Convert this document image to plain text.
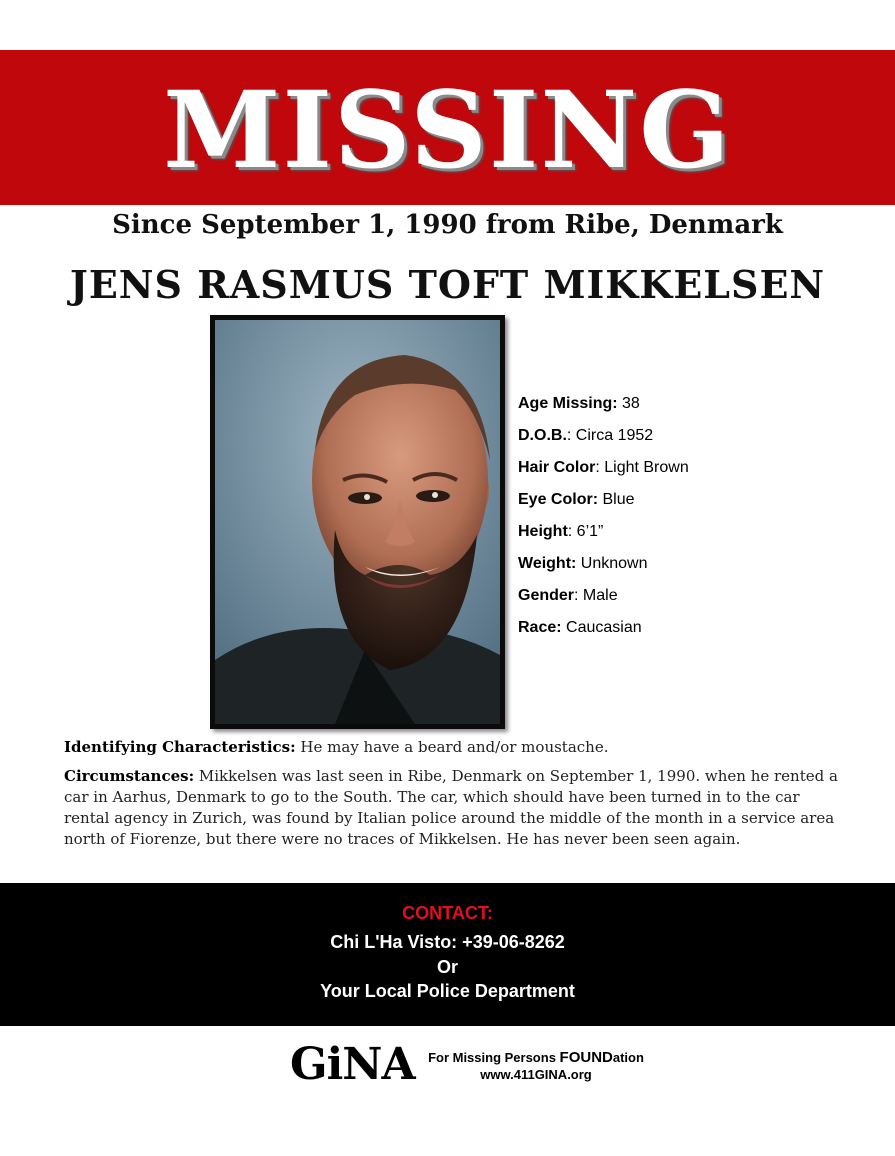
MISSING
Since September 1, 1990 from Ribe, Denmark
JENS RASMUS TOFT MIKKELSEN
Age Missing: 38
D.O.B.: Circa 1952
Hair Color: Light Brown
Eye Color: Blue
Height: 6’1”
Weight: Unknown
Gender: Male
Race: Caucasian
Identifying Characteristics: He may have a beard and/or moustache.
Circumstances: Mikkelsen was last seen in Ribe, Denmark on September 1, 1990. when he rented a car in Aarhus, Denmark to go to the South. The car, which should have been turned in to the car rental agency in Zurich, was found by Italian police around the middle of the month in a service area north of Fiorenze, but there were no traces of Mikkelsen. He has never been seen again.
CONTACT:
Chi L'Ha Visto: +39-06-8262
Or
Your Local Police Department
GiNA	For Missing Persons FOUNDation
www.411GINA.org
